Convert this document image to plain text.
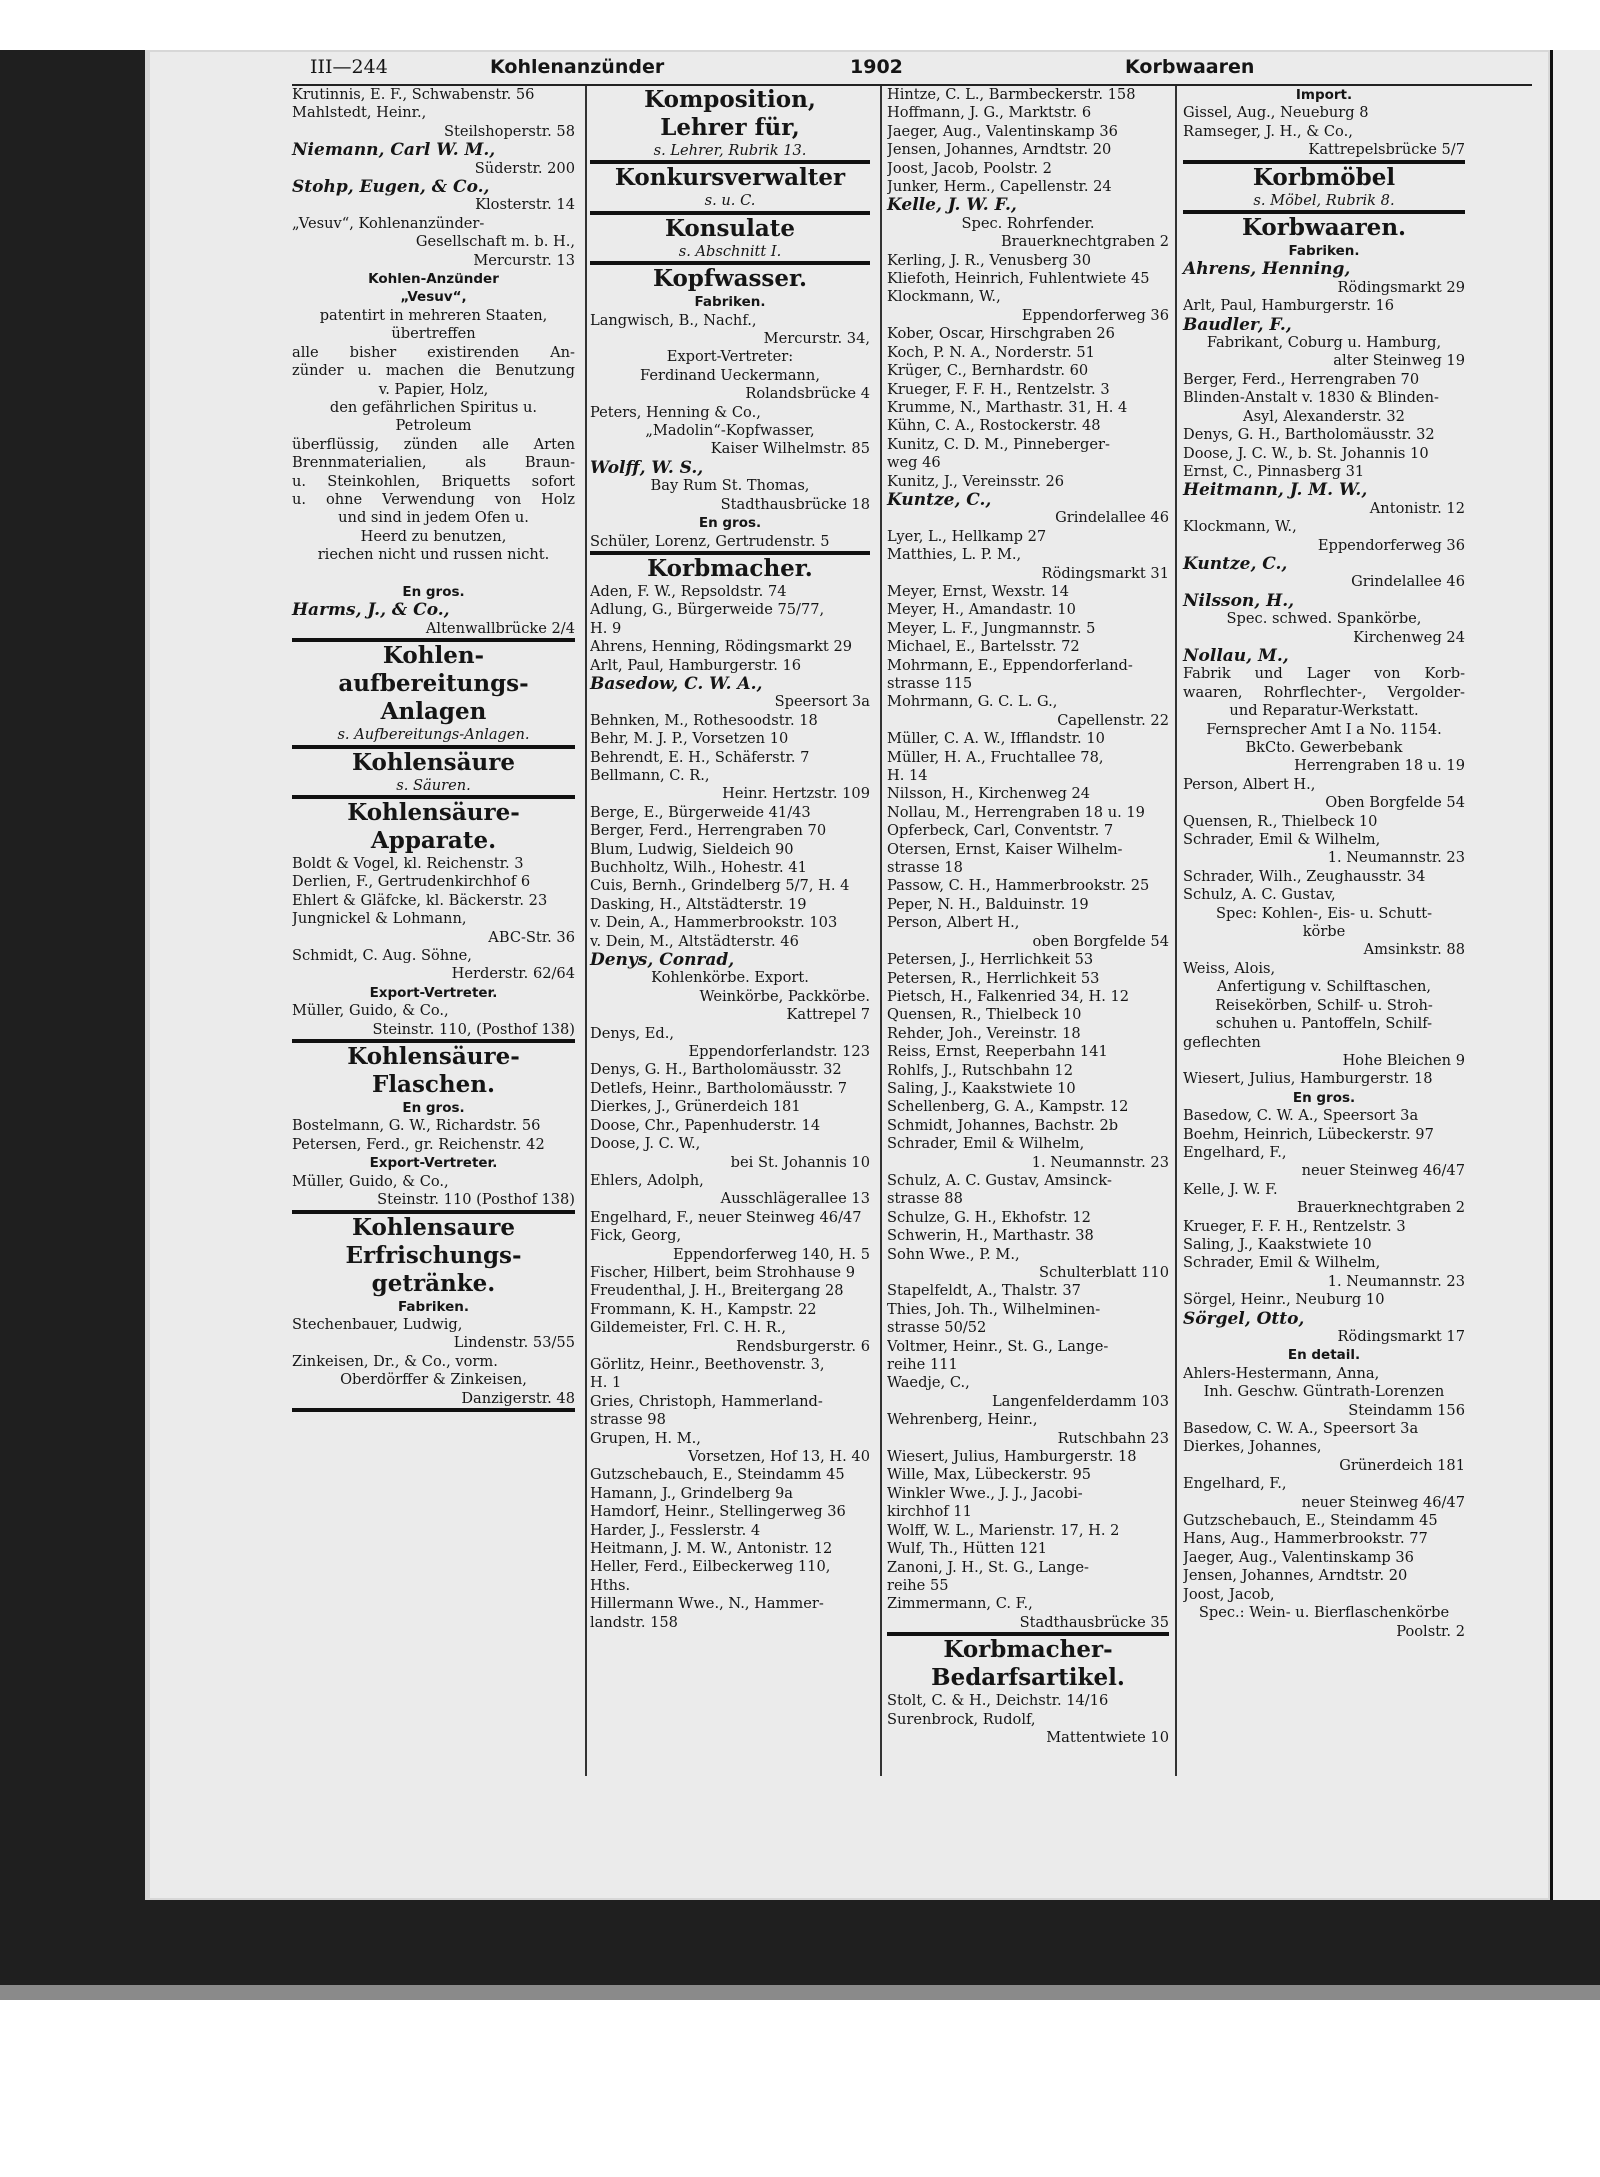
III—244	Kohlenanzünder	1902	Korbwaaren

Krutinnis, E. F., Schwabenstr. 56

Mahlstedt, Heinr.,

Steilshoperstr. 58

Niemann, Carl W. M.,

Süderstr. 200

Stohp, Eugen, & Co.,

Klosterstr. 14

„Vesuv“, Kohlenanzünder-

Gesellschaft m. b. H.,

Mercurstr. 13

Kohlen-Anzünder

„Vesuv“,

patentirt in mehreren Staaten,

übertreffen

alle bisher existirenden An-

zünder u. machen die Benutzung

v. Papier, Holz,

den gefährlichen Spiritus u.

Petroleum

überflüssig, zünden alle Arten

Brennmaterialien, als Braun-

u. Steinkohlen, Briquetts sofort

u. ohne Verwendung von Holz

und sind in jedem Ofen u.

Heerd zu benutzen,

riechen nicht und russen nicht.

En gros.

Harms, J., & Co.,

Altenwallbrücke 2/4

Kohlen-

aufbereitungs-

Anlagen

s. Aufbereitungs-Anlagen.

Kohlensäure

s. Säuren.

Kohlensäure-

Apparate.

Boldt & Vogel, kl. Reichenstr. 3

Derlien, F., Gertrudenkirchhof 6

Ehlert & Gläfcke, kl. Bäckerstr. 23

Jungnickel & Lohmann,

ABC-Str. 36

Schmidt, C. Aug. Söhne,

Herderstr. 62/64

Export-Vertreter.

Müller, Guido, & Co.,

Steinstr. 110, (Posthof 138)

Kohlensäure-

Flaschen.

En gros.

Bostelmann, G. W., Richardstr. 56

Petersen, Ferd., gr. Reichenstr. 42

Export-Vertreter.

Müller, Guido, & Co.,

Steinstr. 110 (Posthof 138)

Kohlensaure

Erfrischungs-

getränke.

Fabriken.

Stechenbauer, Ludwig,

Lindenstr. 53/55

Zinkeisen, Dr., & Co., vorm.

Oberdörffer & Zinkeisen,

Danzigerstr. 48

Komposition,

Lehrer für,

s. Lehrer, Rubrik 13.

Konkursverwalter

s. u. C.

Konsulate

s. Abschnitt I.

Kopfwasser.

Fabriken.

Langwisch, B., Nachf.,

Mercurstr. 34,

Export-Vertreter:

Ferdinand Ueckermann,

Rolandsbrücke 4

Peters, Henning & Co.,

„Madolin“-Kopfwasser,

Kaiser Wilhelmstr. 85

Wolff, W. S.,

Bay Rum St. Thomas,

Stadthausbrücke 18

En gros.

Schüler, Lorenz, Gertrudenstr. 5

Korbmacher.

Aden, F. W., Repsoldstr. 74

Adlung, G., Bürgerweide 75/77,

H. 9

Ahrens, Henning, Rödingsmarkt 29

Arlt, Paul, Hamburgerstr. 16

Basedow, C. W. A.,

Speersort 3a

Behnken, M., Rothesoodstr. 18

Behr, M. J. P., Vorsetzen 10

Behrendt, E. H., Schäferstr. 7

Bellmann, C. R.,

Heinr. Hertzstr. 109

Berge, E., Bürgerweide 41/43

Berger, Ferd., Herrengraben 70

Blum, Ludwig, Sieldeich 90

Buchholtz, Wilh., Hohestr. 41

Cuis, Bernh., Grindelberg 5/7, H. 4

Dasking, H., Altstädterstr. 19

v. Dein, A., Hammerbrookstr. 103

v. Dein, M., Altstädterstr. 46

Denys, Conrad,

Kohlenkörbe. Export.

Weinkörbe, Packkörbe.

Kattrepel 7

Denys, Ed.,

Eppendorferlandstr. 123

Denys, G. H., Bartholomäusstr. 32

Detlefs, Heinr., Bartholomäusstr. 7

Dierkes, J., Grünerdeich 181

Doose, Chr., Papenhuderstr. 14

Doose, J. C. W.,

bei St. Johannis 10

Ehlers, Adolph,

Ausschlägerallee 13

Engelhard, F., neuer Steinweg 46/47

Fick, Georg,

Eppendorferweg 140, H. 5

Fischer, Hilbert, beim Strohhause 9

Freudenthal, J. H., Breitergang 28

Frommann, K. H., Kampstr. 22

Gildemeister, Frl. C. H. R.,

Rendsburgerstr. 6

Görlitz, Heinr., Beethovenstr. 3,

H. 1

Gries, Christoph, Hammerland-

strasse 98

Grupen, H. M.,

Vorsetzen, Hof 13, H. 40

Gutzschebauch, E., Steindamm 45

Hamann, J., Grindelberg 9a

Hamdorf, Heinr., Stellingerweg 36

Harder, J., Fesslerstr. 4

Heitmann, J. M. W., Antonistr. 12

Heller, Ferd., Eilbeckerweg 110,

Hths.

Hillermann Wwe., N., Hammer-

landstr. 158

Hintze, C. L., Barmbeckerstr. 158

Hoffmann, J. G., Marktstr. 6

Jaeger, Aug., Valentinskamp 36

Jensen, Johannes, Arndtstr. 20

Joost, Jacob, Poolstr. 2

Junker, Herm., Capellenstr. 24

Kelle, J. W. F.,

Spec. Rohrfender.

Brauerknechtgraben 2

Kerling, J. R., Venusberg 30

Kliefoth, Heinrich, Fuhlentwiete 45

Klockmann, W.,

Eppendorferweg 36

Kober, Oscar, Hirschgraben 26

Koch, P. N. A., Norderstr. 51

Krüger, C., Bernhardstr. 60

Krueger, F. F. H., Rentzelstr. 3

Krumme, N., Marthastr. 31, H. 4

Kühn, C. A., Rostockerstr. 48

Kunitz, C. D. M., Pinneberger-

weg 46

Kunitz, J., Vereinsstr. 26

Kuntze, C.,

Grindelallee 46

Lyer, L., Hellkamp 27

Matthies, L. P. M.,

Rödingsmarkt 31

Meyer, Ernst, Wexstr. 14

Meyer, H., Amandastr. 10

Meyer, L. F., Jungmannstr. 5

Michael, E., Bartelsstr. 72

Mohrmann, E., Eppendorferland-

strasse 115

Mohrmann, G. C. L. G.,

Capellenstr. 22

Müller, C. A. W., Ifflandstr. 10

Müller, H. A., Fruchtallee 78,

H. 14

Nilsson, H., Kirchenweg 24

Nollau, M., Herrengraben 18 u. 19

Opferbeck, Carl, Conventstr. 7

Otersen, Ernst, Kaiser Wilhelm-

strasse 18

Passow, C. H., Hammerbrookstr. 25

Peper, N. H., Balduinstr. 19

Person, Albert H.,

oben Borgfelde 54

Petersen, J., Herrlichkeit 53

Petersen, R., Herrlichkeit 53

Pietsch, H., Falkenried 34, H. 12

Quensen, R., Thielbeck 10

Rehder, Joh., Vereinstr. 18

Reiss, Ernst, Reeperbahn 141

Rohlfs, J., Rutschbahn 12

Saling, J., Kaakstwiete 10

Schellenberg, G. A., Kampstr. 12

Schmidt, Johannes, Bachstr. 2b

Schrader, Emil & Wilhelm,

1. Neumannstr. 23

Schulz, A. C. Gustav, Amsinck-

strasse 88

Schulze, G. H., Ekhofstr. 12

Schwerin, H., Marthastr. 38

Sohn Wwe., P. M.,

Schulterblatt 110

Stapelfeldt, A., Thalstr. 37

Thies, Joh. Th., Wilhelminen-

strasse 50/52

Voltmer, Heinr., St. G., Lange-

reihe 111

Waedje, C.,

Langenfelderdamm 103

Wehrenberg, Heinr.,

Rutschbahn 23

Wiesert, Julius, Hamburgerstr. 18

Wille, Max, Lübeckerstr. 95

Winkler Wwe., J. J., Jacobi-

kirchhof 11

Wolff, W. L., Marienstr. 17, H. 2

Wulf, Th., Hütten 121

Zanoni, J. H., St. G., Lange-

reihe 55

Zimmermann, C. F.,

Stadthausbrücke 35

Korbmacher-

Bedarfsartikel.

Stolt, C. & H., Deichstr. 14/16

Surenbrock, Rudolf,

Mattentwiete 10

Import.

Gissel, Aug., Neueburg 8

Ramseger, J. H., & Co.,

Kattrepelsbrücke 5/7

Korbmöbel

s. Möbel, Rubrik 8.

Korbwaaren.

Fabriken.

Ahrens, Henning,

Rödingsmarkt 29

Arlt, Paul, Hamburgerstr. 16

Baudler, F.,

Fabrikant, Coburg u. Hamburg,

alter Steinweg 19

Berger, Ferd., Herrengraben 70

Blinden-Anstalt v. 1830 & Blinden-

Asyl, Alexanderstr. 32

Denys, G. H., Bartholomäusstr. 32

Doose, J. C. W., b. St. Johannis 10

Ernst, C., Pinnasberg 31

Heitmann, J. M. W.,

Antonistr. 12

Klockmann, W.,

Eppendorferweg 36

Kuntze, C.,

Grindelallee 46

Nilsson, H.,

Spec. schwed. Spankörbe,

Kirchenweg 24

Nollau, M.,

Fabrik und Lager von Korb-

waaren, Rohrflechter-, Vergolder-

und Reparatur-Werkstatt.

Fernsprecher Amt I a No. 1154.

BkCto. Gewerbebank

Herrengraben 18 u. 19

Person, Albert H.,

Oben Borgfelde 54

Quensen, R., Thielbeck 10

Schrader, Emil & Wilhelm,

1. Neumannstr. 23

Schrader, Wilh., Zeughausstr. 34

Schulz, A. C. Gustav,

Spec: Kohlen-, Eis- u. Schutt-

körbe

Amsinkstr. 88

Weiss, Alois,

Anfertigung v. Schilftaschen,

Reisekörben, Schilf- u. Stroh-

schuhen u. Pantoffeln, Schilf-

geflechten

Hohe Bleichen 9

Wiesert, Julius, Hamburgerstr. 18

En gros.

Basedow, C. W. A., Speersort 3a

Boehm, Heinrich, Lübeckerstr. 97

Engelhard, F.,

neuer Steinweg 46/47

Kelle, J. W. F.

Brauerknechtgraben 2

Krueger, F. F. H., Rentzelstr. 3

Saling, J., Kaakstwiete 10

Schrader, Emil & Wilhelm,

1. Neumannstr. 23

Sörgel, Heinr., Neuburg 10

Sörgel, Otto,

Rödingsmarkt 17

En detail.

Ahlers-Hestermann, Anna,

Inh. Geschw. Güntrath-Lorenzen

Steindamm 156

Basedow, C. W. A., Speersort 3a

Dierkes, Johannes,

Grünerdeich 181

Engelhard, F.,

neuer Steinweg 46/47

Gutzschebauch, E., Steindamm 45

Hans, Aug., Hammerbrookstr. 77

Jaeger, Aug., Valentinskamp 36

Jensen, Johannes, Arndtstr. 20

Joost, Jacob,

Spec.: Wein- u. Bierflaschenkörbe

Poolstr. 2
